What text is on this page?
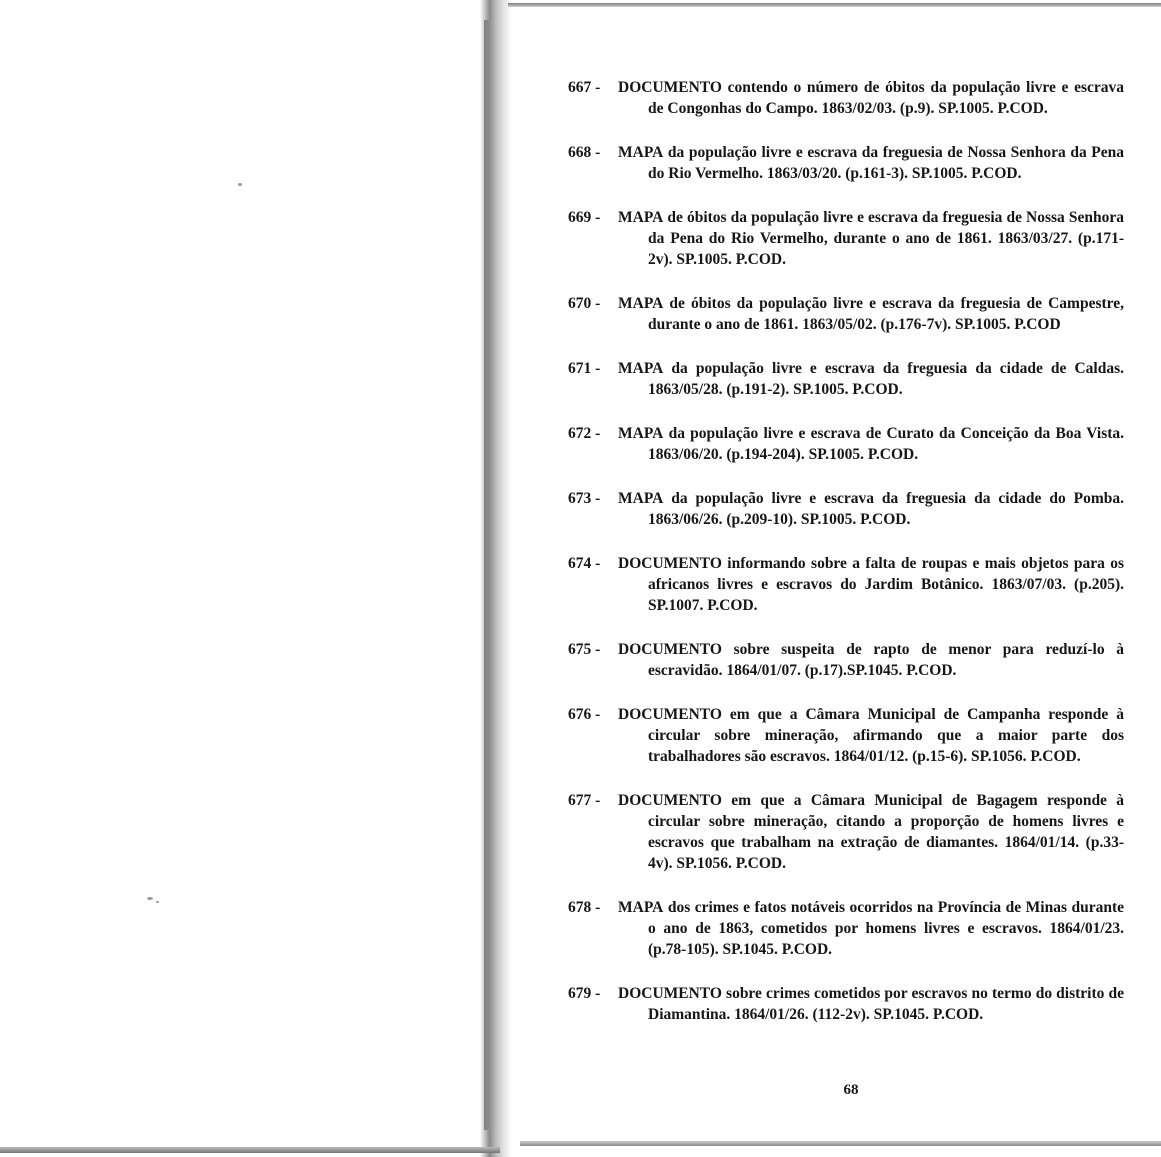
667 - DOCUMENTO contendo o número de óbitos da população livre e escrava de Congonhas do Campo. 1863/02/03. (p.9). SP.1005. P.COD.
668 - MAPA da população livre e escrava da freguesia de Nossa Senhora da Pena do Rio Vermelho. 1863/03/20. (p.161-3). SP.1005. P.COD.
669 - MAPA de óbitos da população livre e escrava da freguesia de Nossa Senhora da Pena do Rio Vermelho, durante o ano de 1861. 1863/03/27. (p.171-2v). SP.1005. P.COD.
670 - MAPA de óbitos da população livre e escrava da freguesia de Campestre, durante o ano de 1861. 1863/05/02. (p.176-7v). SP.1005. P.COD
671 - MAPA da população livre e escrava da freguesia da cidade de Caldas. 1863/05/28. (p.191-2). SP.1005. P.COD.
672 - MAPA da população livre e escrava de Curato da Conceição da Boa Vista. 1863/06/20. (p.194-204). SP.1005. P.COD.
673 - MAPA da população livre e escrava da freguesia da cidade do Pomba. 1863/06/26. (p.209-10). SP.1005. P.COD.
674 - DOCUMENTO informando sobre a falta de roupas e mais objetos para os africanos livres e escravos do Jardim Botânico. 1863/07/03. (p.205). SP.1007. P.COD.
675 - DOCUMENTO sobre suspeita de rapto de menor para reduzí-lo à escravidão. 1864/01/07. (p.17).SP.1045. P.COD.
676 - DOCUMENTO em que a Câmara Municipal de Campanha responde à circular sobre mineração, afirmando que a maior parte dos trabalhadores são escravos. 1864/01/12. (p.15-6). SP.1056. P.COD.
677 - DOCUMENTO em que a Câmara Municipal de Bagagem responde à circular sobre mineração, citando a proporção de homens livres e escravos que trabalham na extração de diamantes. 1864/01/14. (p.33-4v). SP.1056. P.COD.
678 - MAPA dos crimes e fatos notáveis ocorridos na Província de Minas durante o ano de 1863, cometidos por homens livres e escravos. 1864/01/23. (p.78-105). SP.1045. P.COD.
679 - DOCUMENTO sobre crimes cometidos por escravos no termo do distrito de Diamantina. 1864/01/26. (112-2v). SP.1045. P.COD.
68
